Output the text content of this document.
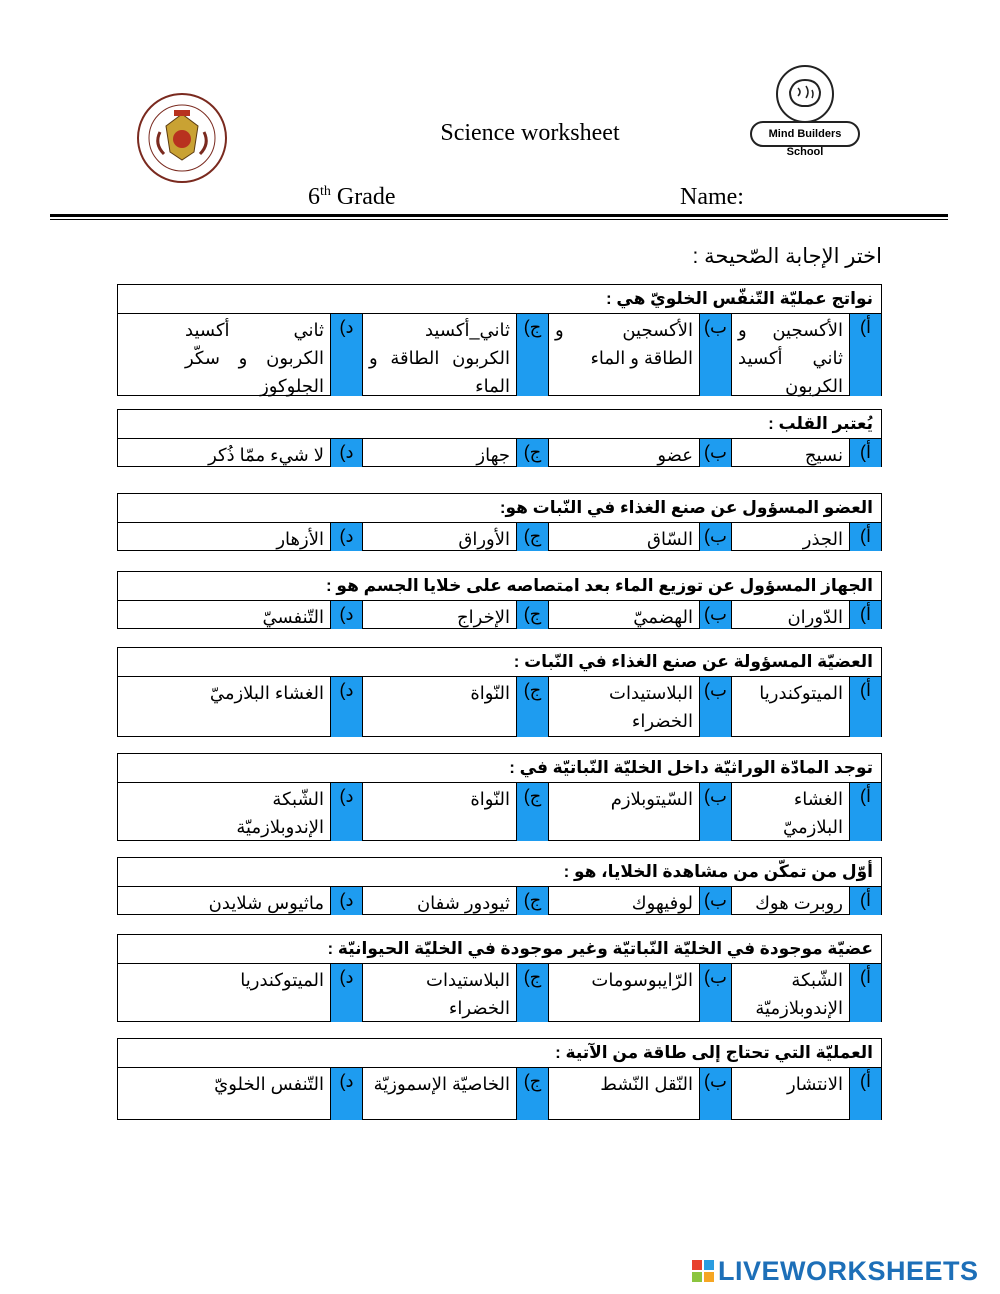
Mind Builders School
Science worksheet
6th Grade	Name:
اختر الإجابة الصّحيحة :
نواتج عمليّة التّنفّس الخلويّ هي :
أ)
الأكسجين و ثاني أكسيد الكربون
ب)
الأكسجين و الطاقة و الماء
ج)
ثاني_أكسيد الكربون الطاقة و الماء
د)
ثاني أكسيد الكربون و سكّر الجلوكوز
يُعتبر القلب :
أ)
نسيج
ب)
عضو
ج)
جهاز
د)
لا شيء ممّا ذُكر
العضو المسؤول عن صنع الغذاء في النّبات هو:
أ)
الجذر
ب)
السّاق
ج)
الأوراق
د)
الأزهار
الجهاز المسؤول عن توزيع الماء بعد امتصاصه على خلايا الجسم هو :
أ)
الدّوران
ب)
الهضميّ
ج)
الإخراج
د)
التّنفسيّ
العضيّة المسؤولة عن صنع الغذاء في النّبات :
أ)
الميتوكندريا
ب)
البلاستيدات الخضراء
ج)
النّواة
د)
الغشاء البلازميّ
توجد المادّة الوراثيّة داخل الخليّة النّباتيّة في :
أ)
الغشاء البلازميّ
ب)
السّيتوبلازم
ج)
النّواة
د)
الشّبكة الإندوبلازميّة
أوّل من تمكّن من مشاهدة الخلايا، هو :
أ)
روبرت هوك
ب)
لوفيهوك
ج)
ثيودور شفان
د)
ماثيوس شلايدن
عضيّة موجودة في الخليّة النّباتيّة وغير موجودة في الخليّة الحيوانيّة :
أ)
الشّبكة الإندوبلازميّة
ب)
الرّايبوسومات
ج)
البلاستيدات الخضراء
د)
الميتوكندريا
العمليّة التي تحتاج إلى طاقة من الآتية :
أ)
الانتشار
ب)
النّقل النّشط
ج)
الخاصيّة الإسموزيّة
د)
التّنفس الخلويّ
LIVEWORKSHEETS
